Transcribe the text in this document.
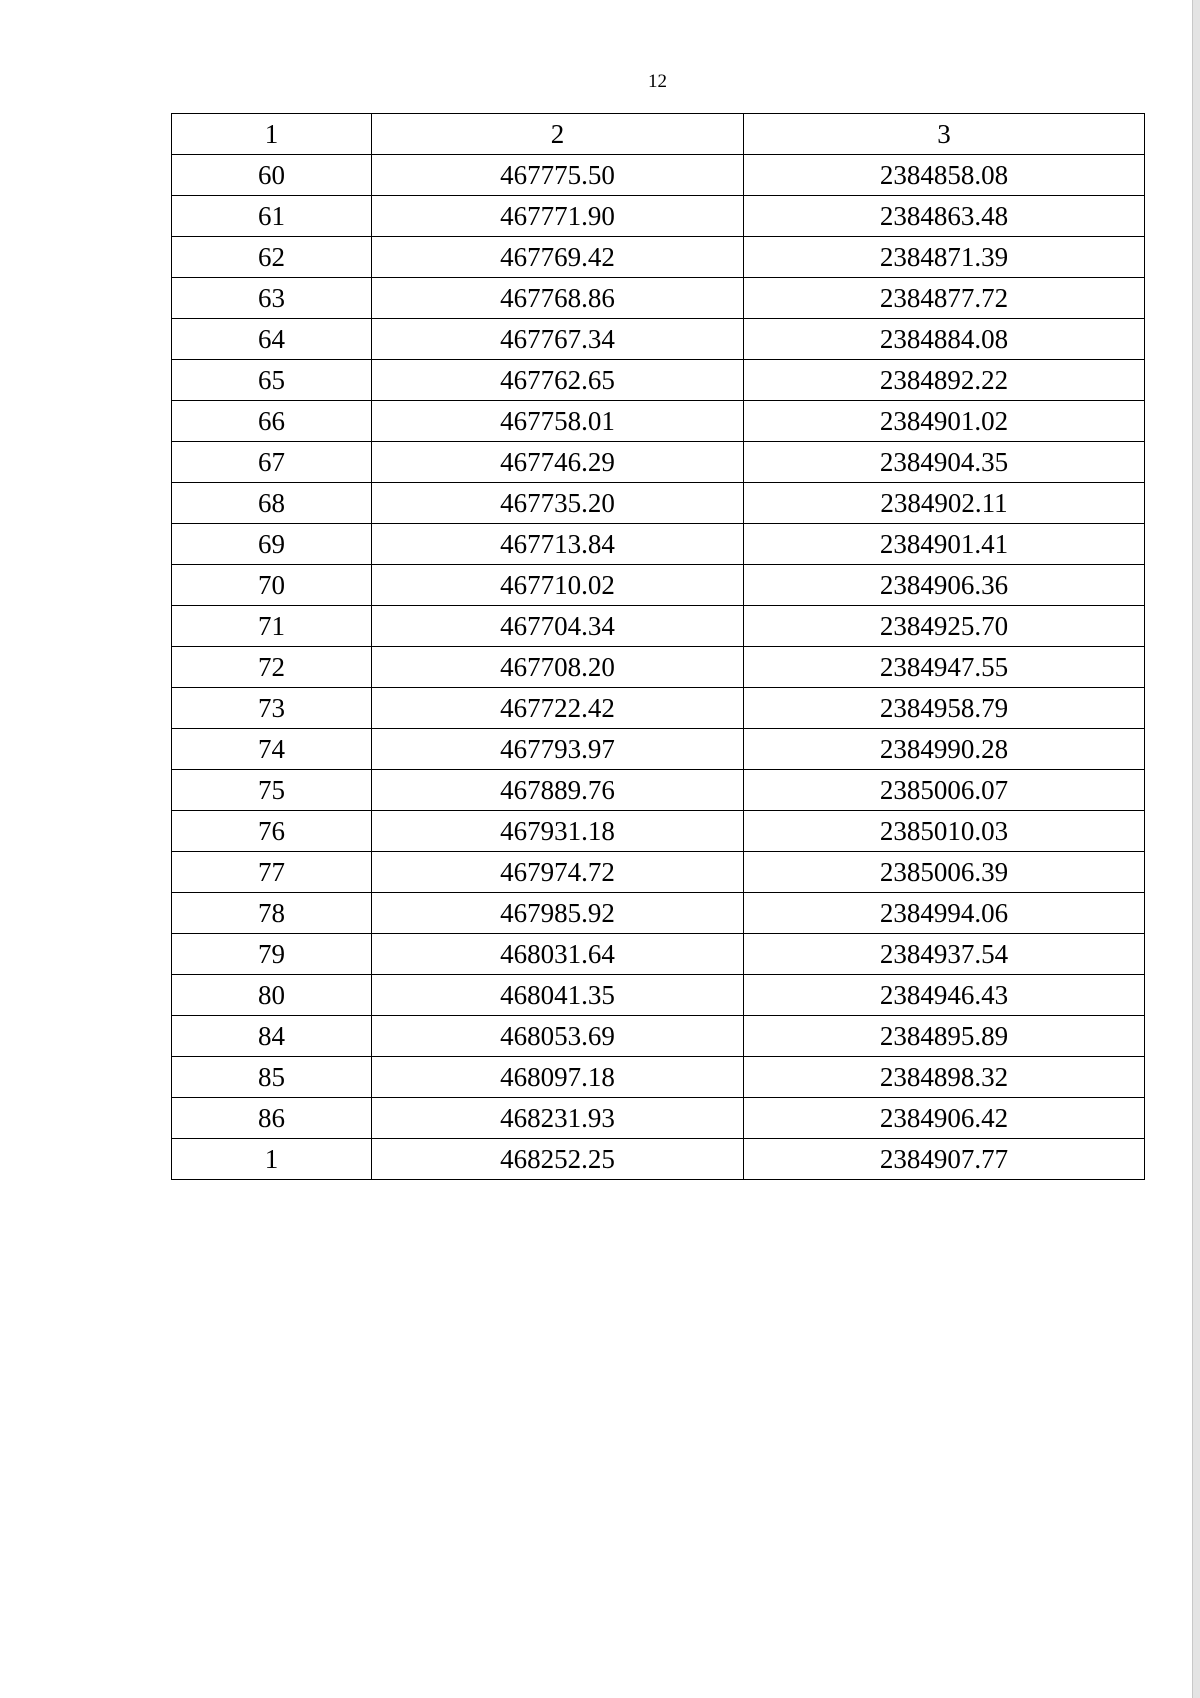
12
1	2	3
60	467775.50	2384858.08
61	467771.90	2384863.48
62	467769.42	2384871.39
63	467768.86	2384877.72
64	467767.34	2384884.08
65	467762.65	2384892.22
66	467758.01	2384901.02
67	467746.29	2384904.35
68	467735.20	2384902.11
69	467713.84	2384901.41
70	467710.02	2384906.36
71	467704.34	2384925.70
72	467708.20	2384947.55
73	467722.42	2384958.79
74	467793.97	2384990.28
75	467889.76	2385006.07
76	467931.18	2385010.03
77	467974.72	2385006.39
78	467985.92	2384994.06
79	468031.64	2384937.54
80	468041.35	2384946.43
84	468053.69	2384895.89
85	468097.18	2384898.32
86	468231.93	2384906.42
1	468252.25	2384907.77
